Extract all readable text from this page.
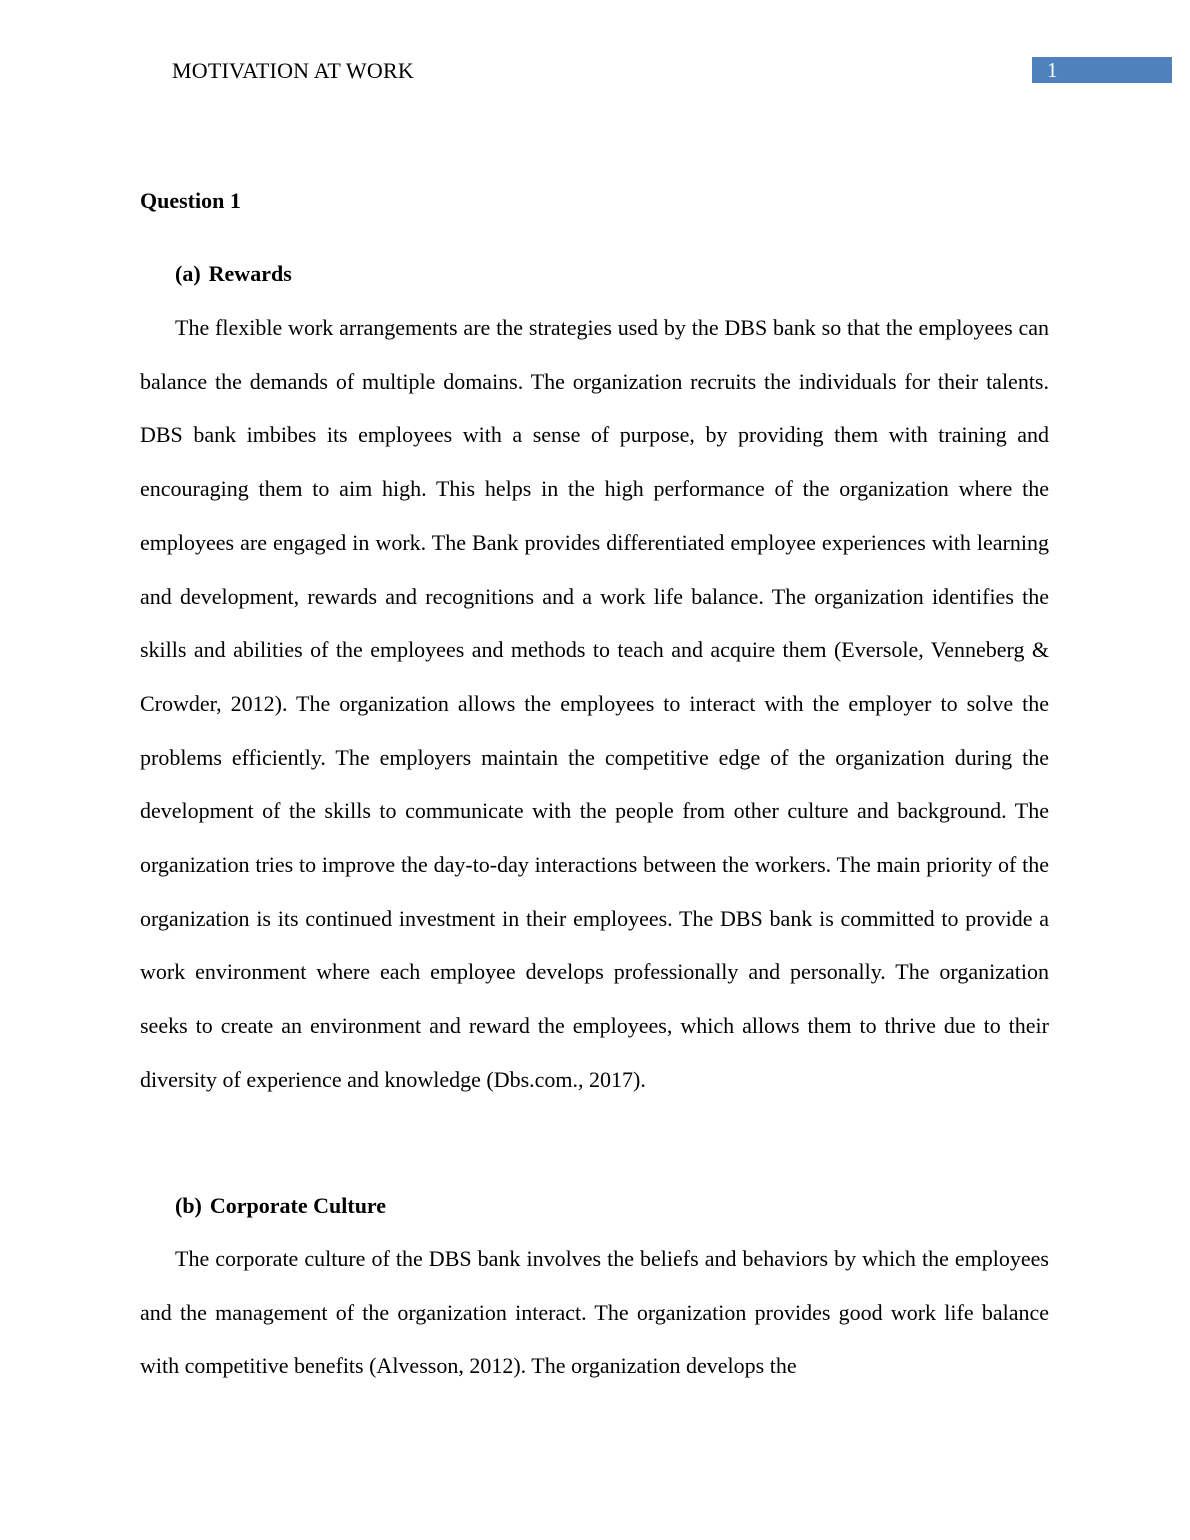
MOTIVATION AT WORK	1
Question 1
(a) Rewards

The flexible work arrangements are the strategies used by the DBS bank so that the employees can balance the demands of multiple domains. The organization recruits the individuals for their talents. DBS bank imbibes its employees with a sense of purpose, by providing them with training and encouraging them to aim high. This helps in the high performance of the organization where the employees are engaged in work. The Bank provides differentiated employee experiences with learning and development, rewards and recognitions and a work life balance. The organization identifies the skills and abilities of the employees and methods to teach and acquire them (Eversole, Venneberg & Crowder, 2012). The organization allows the employees to interact with the employer to solve the problems efficiently. The employers maintain the competitive edge of the organization during the development of the skills to communicate with the people from other culture and background. The organization tries to improve the day-to-day interactions between the workers. The main priority of the organization is its continued investment in their employees. The DBS bank is committed to provide a work environment where each employee develops professionally and personally. The organization seeks to create an environment and reward the employees, which allows them to thrive due to their diversity of experience and knowledge (Dbs.com., 2017).

(b) Corporate Culture

The corporate culture of the DBS bank involves the beliefs and behaviors by which the employees and the management of the organization interact. The organization provides good work life balance with competitive benefits (Alvesson, 2012). The organization develops the
